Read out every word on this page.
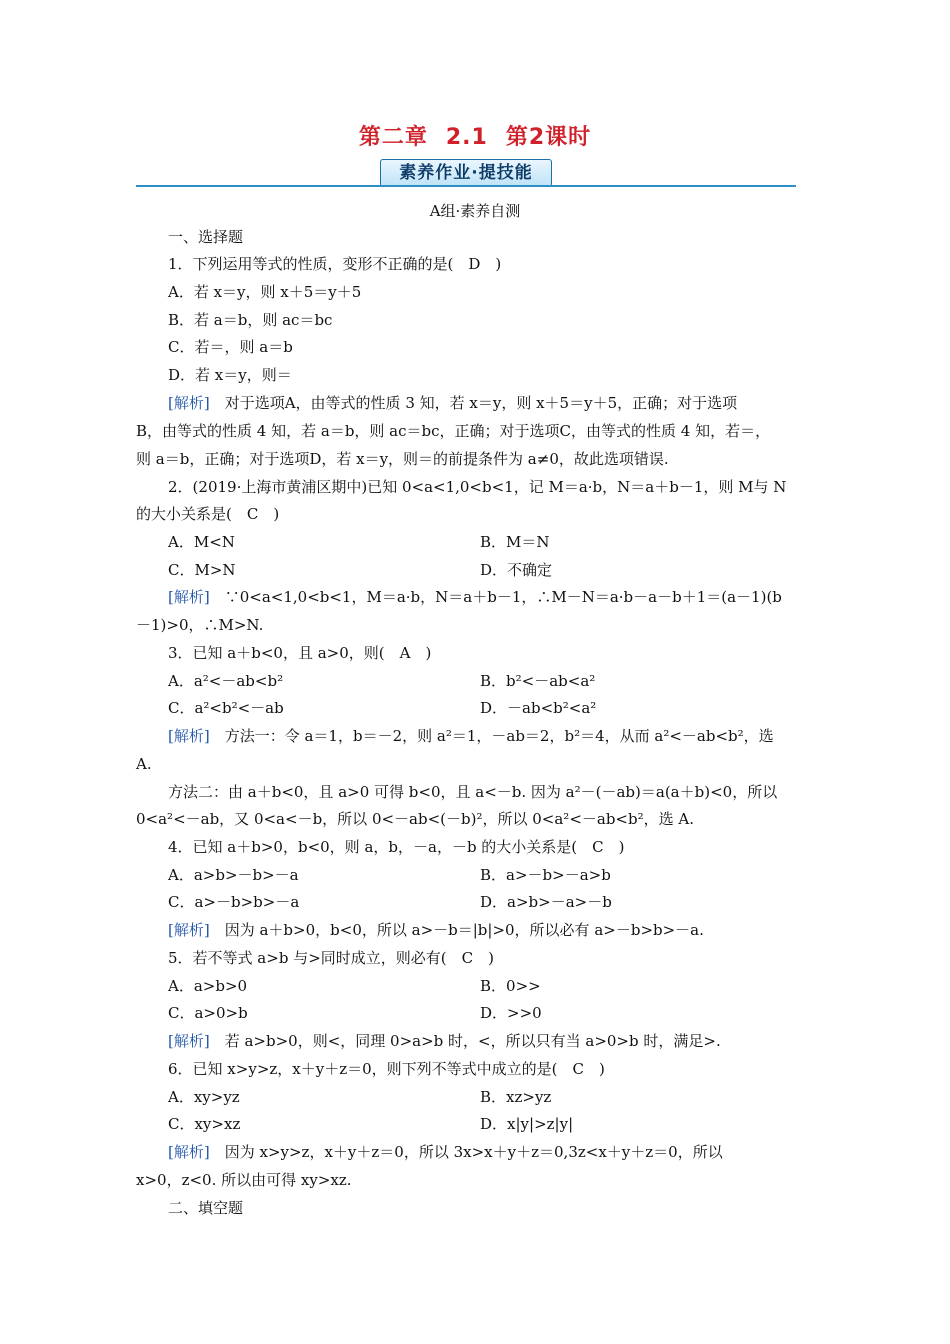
第二章 2.1 第2课时
素养作业·提技能
A组·素养自测
一、选择题
1．下列运用等式的性质，变形不正确的是(　D　)
A．若 x＝y，则 x＋5＝y＋5
B．若 a＝b，则 ac＝bc
C．若＝，则 a＝b
D．若 x＝y，则＝
[解析]　对于选项A，由等式的性质 3 知，若 x＝y，则 x＋5＝y＋5，正确；对于选项
B，由等式的性质 4 知，若 a＝b，则 ac＝bc，正确；对于选项C，由等式的性质 4 知，若＝，
则 a＝b，正确；对于选项D，若 x＝y，则＝的前提条件为 a≠0，故此选项错误.
2．(2019·上海市黄浦区期中)已知 0<a<1,0<b<1，记 M＝a·b，N＝a＋b－1，则 M与 N
的大小关系是(　C　)
A．M<N	B．M＝N
C．M>N	D．不确定
[解析]　∵0<a<1,0<b<1，M＝a·b，N＝a＋b－1，∴M－N＝a·b－a－b＋1＝(a－1)(b
－1)>0，∴M>N.
3．已知 a＋b<0，且 a>0，则(　A　)
A．a²<－ab<b²	B．b²<－ab<a²
C．a²<b²<－ab	D．－ab<b²<a²
[解析]　方法一：令 a＝1，b＝－2，则 a²＝1，－ab＝2，b²＝4，从而 a²<－ab<b²，选
A.
方法二：由 a＋b<0，且 a>0 可得 b<0，且 a<－b. 因为 a²－(－ab)＝a(a＋b)<0，所以
0<a²<－ab，又 0<a<－b，所以 0<－ab<(－b)²，所以 0<a²<－ab<b²，选 A.
4．已知 a＋b>0，b<0，则 a，b，－a，－b 的大小关系是(　C　)
A．a>b>－b>－a	B．a>－b>－a>b
C．a>－b>b>－a	D．a>b>－a>－b
[解析]　因为 a＋b>0，b<0，所以 a>－b＝|b|>0，所以必有 a>－b>b>－a.
5．若不等式 a>b 与>同时成立，则必有(　C　)
A．a>b>0	B．0>>
C．a>0>b	D．>>0
[解析]　若 a>b>0，则<，同理 0>a>b 时，<，所以只有当 a>0>b 时，满足>.
6．已知 x>y>z，x＋y＋z＝0，则下列不等式中成立的是(　C　)
A．xy>yz	B．xz>yz
C．xy>xz	D．x|y|>z|y|
[解析]　因为 x>y>z，x＋y＋z＝0，所以 3x>x＋y＋z＝0,3z<x＋y＋z＝0，所以
x>0，z<0. 所以由可得 xy>xz.
二、填空题
